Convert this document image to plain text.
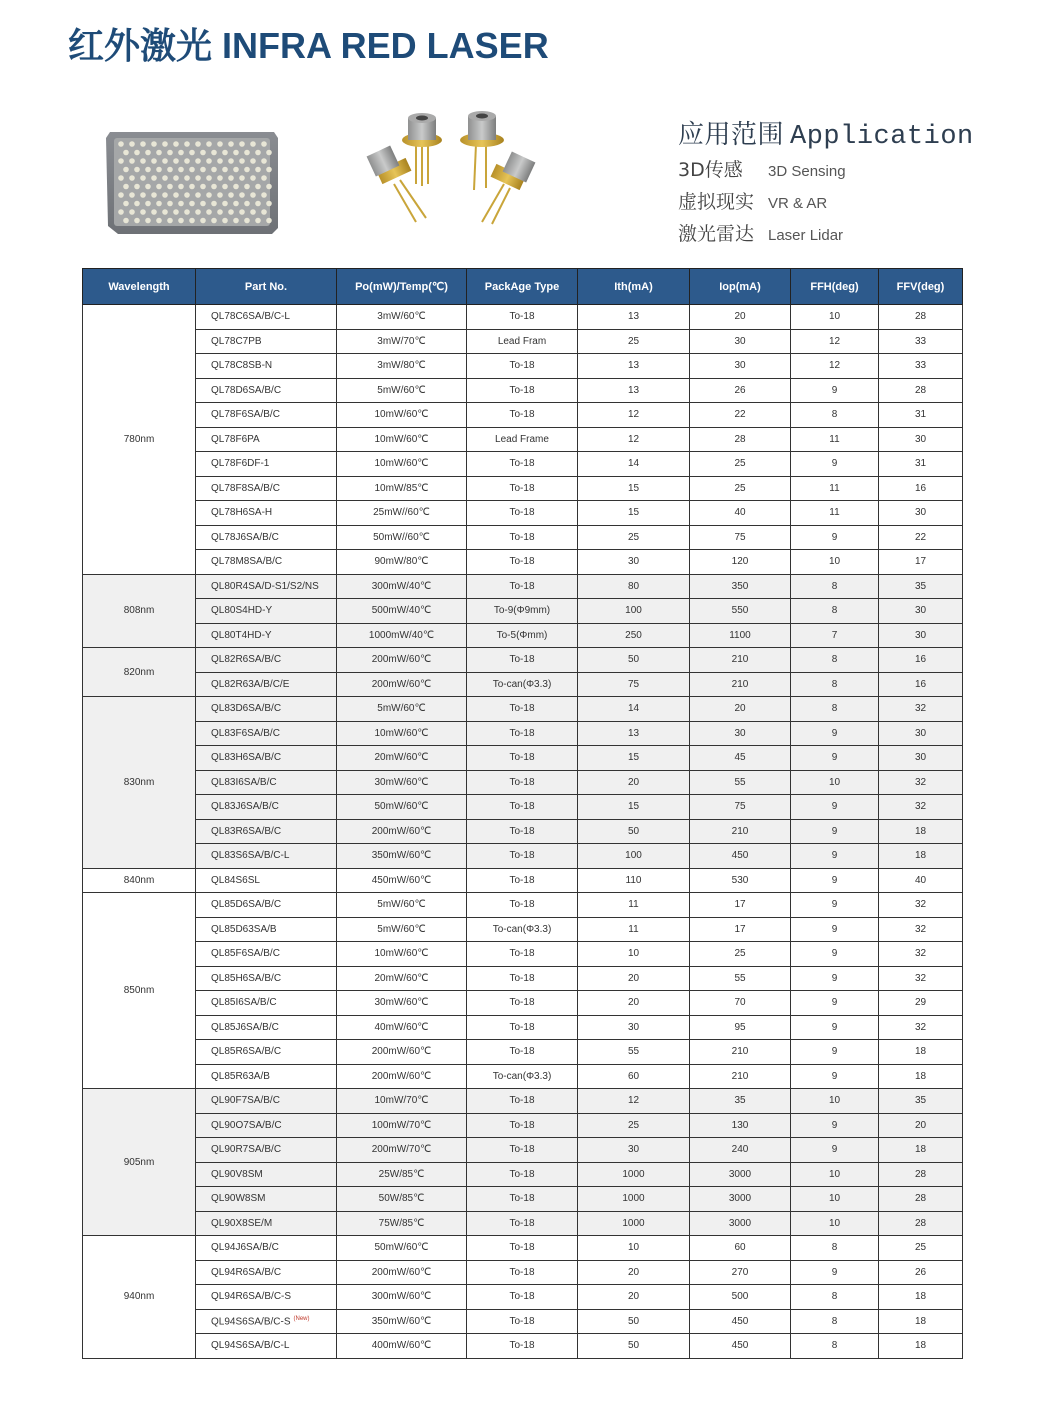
红外激光 INFRA RED LASER
应用范围 Application
3D传感 3D Sensing
虚拟现实 VR & AR
激光雷达 Laser Lidar
Wavelength	Part No.	Po(mW)/Temp(℃)	PackAge Type	Ith(mA)	Iop(mA)	FFH(deg)	FFV(deg)
780nm	QL78C6SA/B/C-L	3mW/60℃	To-18	13	20	10	28
	QL78C7PB	3mW/70℃	Lead Fram	25	30	12	33
	QL78C8SB-N	3mW/80℃	To-18	13	30	12	33
	QL78D6SA/B/C	5mW/60℃	To-18	13	26	9	28
	QL78F6SA/B/C	10mW/60℃	To-18	12	22	8	31
	QL78F6PA	10mW/60℃	Lead Frame	12	28	11	30
	QL78F6DF-1	10mW/60℃	To-18	14	25	9	31
	QL78F8SA/B/C	10mW/85℃	To-18	15	25	11	16
	QL78H6SA-H	25mW//60℃	To-18	15	40	11	30
	QL78J6SA/B/C	50mW//60℃	To-18	25	75	9	22
	QL78M8SA/B/C	90mW/80℃	To-18	30	120	10	17
808nm	QL80R4SA/D-S1/S2/NS	300mW/40℃	To-18	80	350	8	35
	QL80S4HD-Y	500mW/40℃	To-9(Φ9mm)	100	550	8	30
	QL80T4HD-Y	1000mW/40℃	To-5(Φmm)	250	1100	7	30
820nm	QL82R6SA/B/C	200mW/60℃	To-18	50	210	8	16
	QL82R63A/B/C/E	200mW/60℃	To-can(Φ3.3)	75	210	8	16
830nm	QL83D6SA/B/C	5mW/60℃	To-18	14	20	8	32
	QL83F6SA/B/C	10mW/60℃	To-18	13	30	9	30
	QL83H6SA/B/C	20mW/60℃	To-18	15	45	9	30
	QL83I6SA/B/C	30mW/60℃	To-18	20	55	10	32
	QL83J6SA/B/C	50mW/60℃	To-18	15	75	9	32
	QL83R6SA/B/C	200mW/60℃	To-18	50	210	9	18
	QL83S6SA/B/C-L	350mW/60℃	To-18	100	450	9	18
840nm	QL84S6SL	450mW/60℃	To-18	110	530	9	40
850nm	QL85D6SA/B/C	5mW/60℃	To-18	11	17	9	32
	QL85D63SA/B	5mW/60℃	To-can(Φ3.3)	11	17	9	32
	QL85F6SA/B/C	10mW/60℃	To-18	10	25	9	32
	QL85H6SA/B/C	20mW/60℃	To-18	20	55	9	32
	QL85I6SA/B/C	30mW/60℃	To-18	20	70	9	29
	QL85J6SA/B/C	40mW/60℃	To-18	30	95	9	32
	QL85R6SA/B/C	200mW/60℃	To-18	55	210	9	18
	QL85R63A/B	200mW/60℃	To-can(Φ3.3)	60	210	9	18
905nm	QL90F7SA/B/C	10mW/70℃	To-18	12	35	10	35
	QL90O7SA/B/C	100mW/70℃	To-18	25	130	9	20
	QL90R7SA/B/C	200mW/70℃	To-18	30	240	9	18
	QL90V8SM	25W/85℃	To-18	1000	3000	10	28
	QL90W8SM	50W/85℃	To-18	1000	3000	10	28
	QL90X8SE/M	75W/85℃	To-18	1000	3000	10	28
940nm	QL94J6SA/B/C	50mW/60℃	To-18	10	60	8	25
	QL94R6SA/B/C	200mW/60℃	To-18	20	270	9	26
	QL94R6SA/B/C-S	300mW/60℃	To-18	20	500	8	18
	QL94S6SA/B/C-S $^{(New)}$	350mW/60℃	To-18	50	450	8	18
	QL94S6SA/B/C-L	400mW/60℃	To-18	50	450	8	18
